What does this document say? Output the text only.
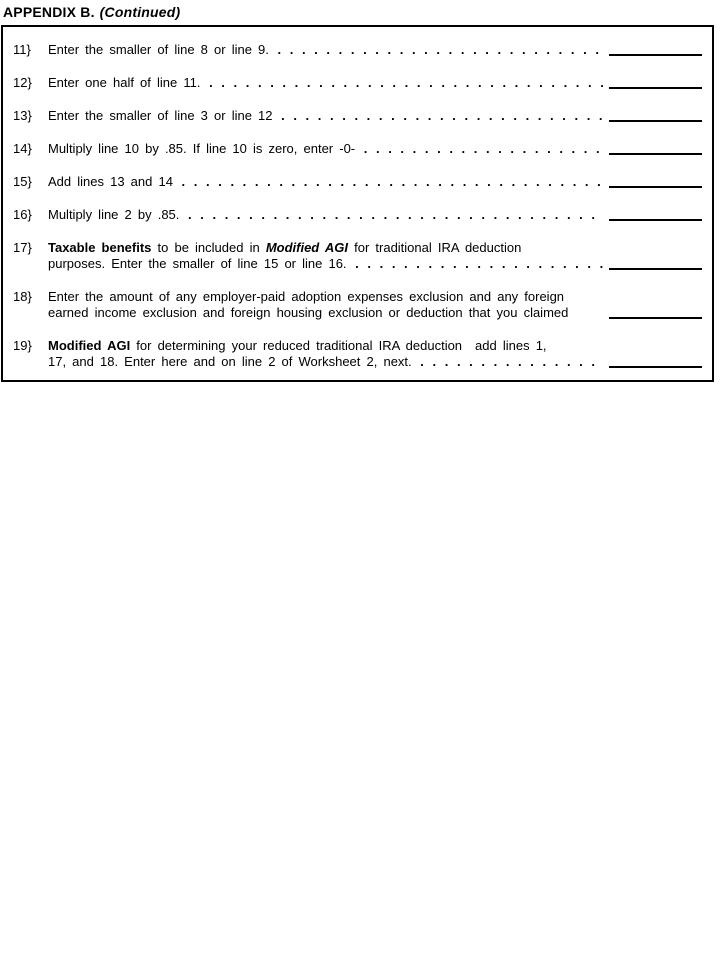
APPENDIX B. (Continued)
11}	Enter the smaller of line 8 or line 9. . . . . . . . . . . . . . . . . . . . . . . . . . . .
12}	Enter one half of line 11. . . . . . . . . . . . . . . . . . . . . . . . . . . . . . . . . .
13}	Enter the smaller of line 3 or line 12 . . . . . . . . . . . . . . . . . . . . . . . . . . .
14}	Multiply line 10 by .85. If line 10 is zero, enter -0- . . . . . . . . . . . . . . . . . . . .
15}	Add lines 13 and 14 . . . . . . . . . . . . . . . . . . . . . . . . . . . . . . . . . . .
16}	Multiply line 2 by .85. . . . . . . . . . . . . . . . . . . . . . . . . . . . . . . . . . .
17}	Taxable benefits to be included in Modified AGI for traditional IRA deduction
purposes. Enter the smaller of line 15 or line 16. . . . . . . . . . . . . . . . . . . . . .
18}	Enter the amount of any employer-paid adoption expenses exclusion and any foreign
earned income exclusion and foreign housing exclusion or deduction that you claimed
19}	Modified AGI for determining your reduced traditional IRA deduction add lines 1,
17, and 18. Enter here and on line 2 of Worksheet 2, next. . . . . . . . . . . . . . . .
